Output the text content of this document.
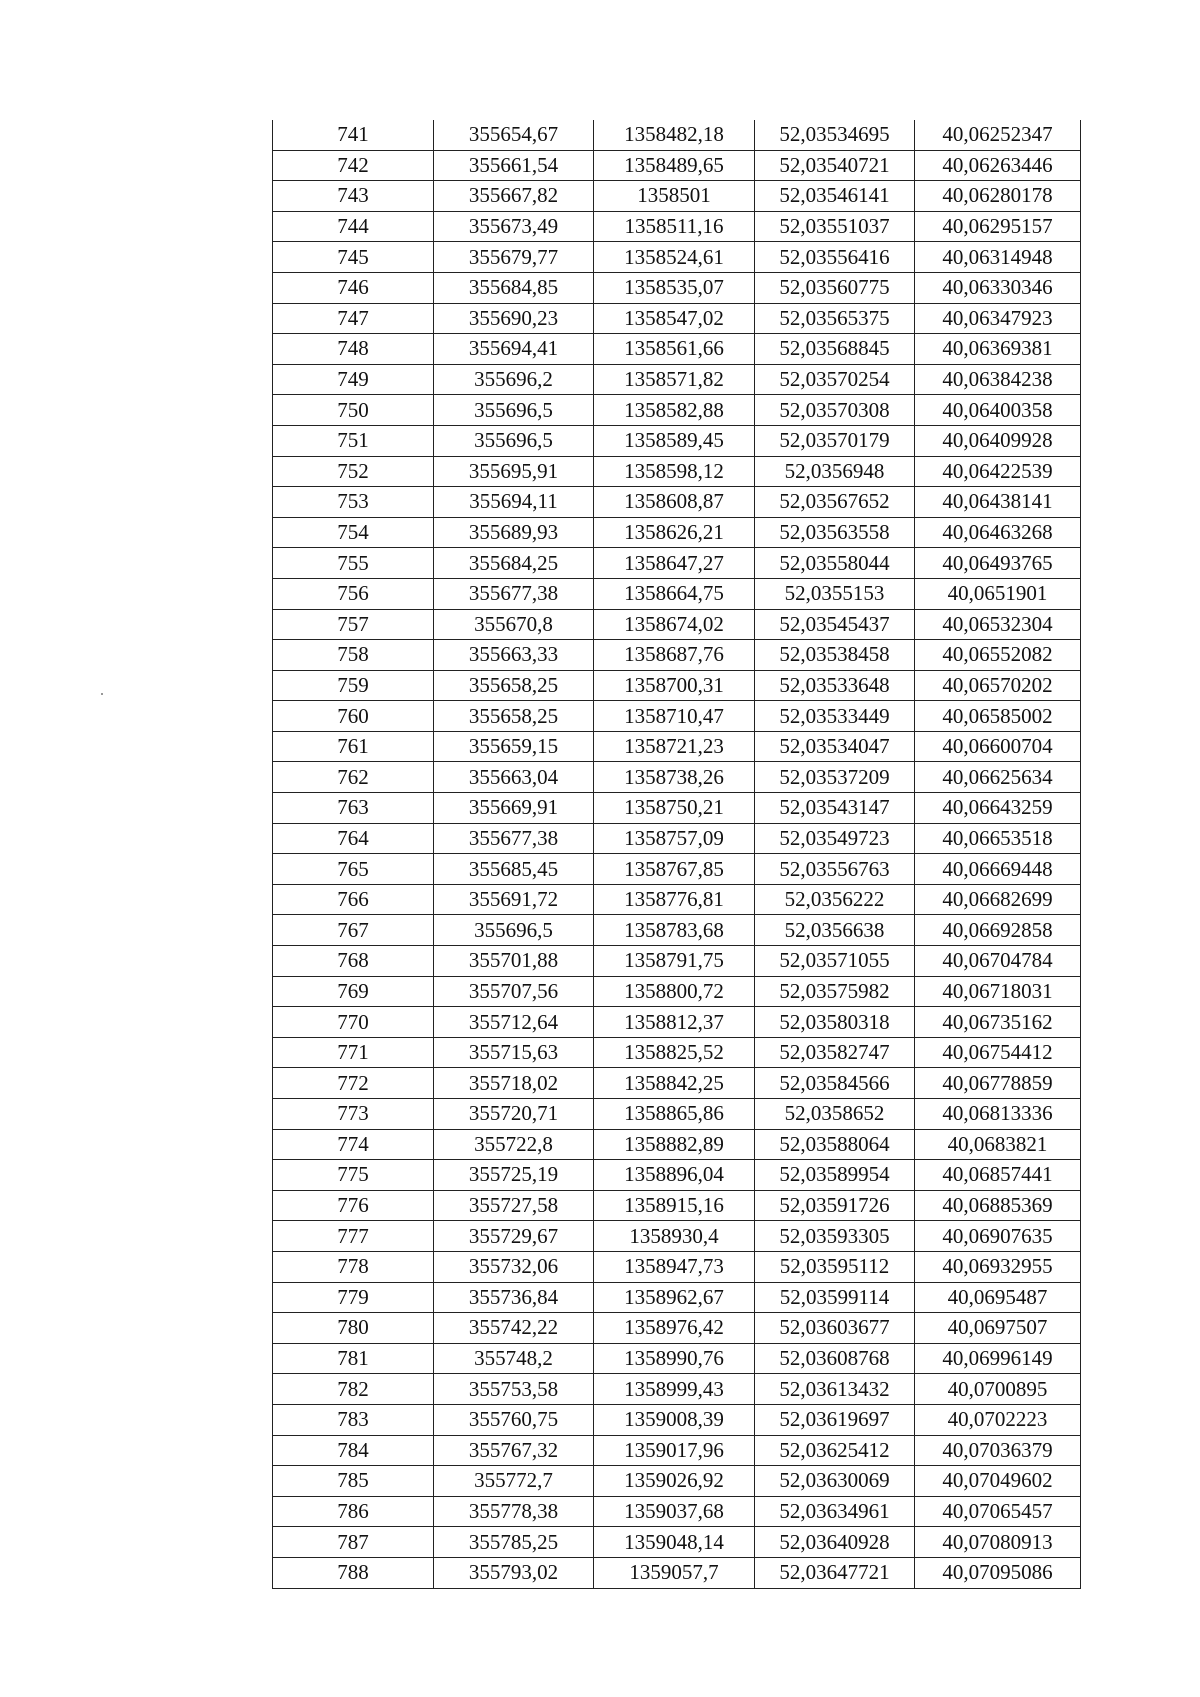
741	355654,67	1358482,18	52,03534695	40,06252347
742	355661,54	1358489,65	52,03540721	40,06263446
743	355667,82	1358501	52,03546141	40,06280178
744	355673,49	1358511,16	52,03551037	40,06295157
745	355679,77	1358524,61	52,03556416	40,06314948
746	355684,85	1358535,07	52,03560775	40,06330346
747	355690,23	1358547,02	52,03565375	40,06347923
748	355694,41	1358561,66	52,03568845	40,06369381
749	355696,2	1358571,82	52,03570254	40,06384238
750	355696,5	1358582,88	52,03570308	40,06400358
751	355696,5	1358589,45	52,03570179	40,06409928
752	355695,91	1358598,12	52,0356948	40,06422539
753	355694,11	1358608,87	52,03567652	40,06438141
754	355689,93	1358626,21	52,03563558	40,06463268
755	355684,25	1358647,27	52,03558044	40,06493765
756	355677,38	1358664,75	52,0355153	40,0651901
757	355670,8	1358674,02	52,03545437	40,06532304
758	355663,33	1358687,76	52,03538458	40,06552082
759	355658,25	1358700,31	52,03533648	40,06570202
760	355658,25	1358710,47	52,03533449	40,06585002
761	355659,15	1358721,23	52,03534047	40,06600704
762	355663,04	1358738,26	52,03537209	40,06625634
763	355669,91	1358750,21	52,03543147	40,06643259
764	355677,38	1358757,09	52,03549723	40,06653518
765	355685,45	1358767,85	52,03556763	40,06669448
766	355691,72	1358776,81	52,0356222	40,06682699
767	355696,5	1358783,68	52,0356638	40,06692858
768	355701,88	1358791,75	52,03571055	40,06704784
769	355707,56	1358800,72	52,03575982	40,06718031
770	355712,64	1358812,37	52,03580318	40,06735162
771	355715,63	1358825,52	52,03582747	40,06754412
772	355718,02	1358842,25	52,03584566	40,06778859
773	355720,71	1358865,86	52,0358652	40,06813336
774	355722,8	1358882,89	52,03588064	40,0683821
775	355725,19	1358896,04	52,03589954	40,06857441
776	355727,58	1358915,16	52,03591726	40,06885369
777	355729,67	1358930,4	52,03593305	40,06907635
778	355732,06	1358947,73	52,03595112	40,06932955
779	355736,84	1358962,67	52,03599114	40,0695487
780	355742,22	1358976,42	52,03603677	40,0697507
781	355748,2	1358990,76	52,03608768	40,06996149
782	355753,58	1358999,43	52,03613432	40,0700895
783	355760,75	1359008,39	52,03619697	40,0702223
784	355767,32	1359017,96	52,03625412	40,07036379
785	355772,7	1359026,92	52,03630069	40,07049602
786	355778,38	1359037,68	52,03634961	40,07065457
787	355785,25	1359048,14	52,03640928	40,07080913
788	355793,02	1359057,7	52,03647721	40,07095086
